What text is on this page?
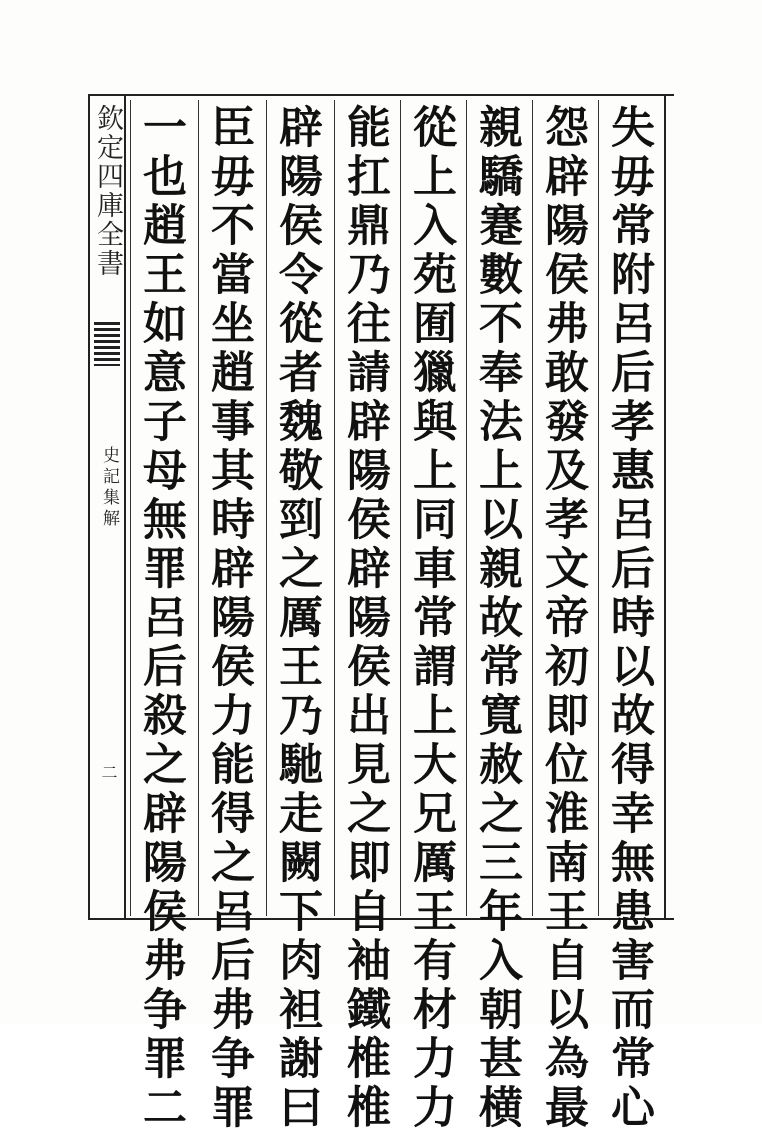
欽定四庫全書
史記集解
二	失毋常附呂后孝惠呂后時以故得幸無患害而常心
怨辟陽侯弗敢發及孝文帝初即位淮南王自以為最
親驕蹇數不奉法上以親故常寬赦之三年入朝甚横
從上入苑囿獵與上同車常謂上大兄厲王有材力力
能扛鼎乃往請辟陽侯辟陽侯出見之即自袖鐵椎椎
辟陽侯令從者魏敬剄之厲王乃馳走闕下肉袒謝曰
臣毋不當坐趙事其時辟陽侯力能得之呂后弗争罪
一也趙王如意子母無罪呂后殺之辟陽侯弗争罪二
